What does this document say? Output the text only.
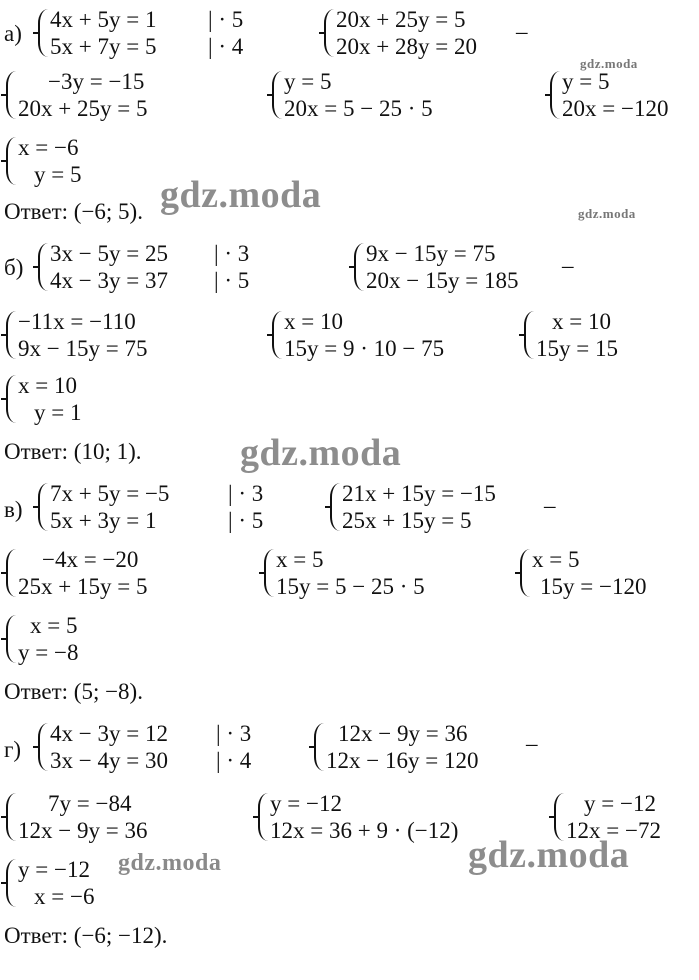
а)
4x + 5y = 1
5x + 7y = 5
| · 5
| · 4
20x + 25y = 5
20x + 28y = 20
–
−3y = −15
20x + 25y = 5
y = 5
20x = 5 − 25 · 5
y = 5
20x = −120
x = −6
y = 5
Ответ: (−6; 5).
б)
3x − 5y = 25
4x − 3y = 37
| · 3
| · 5
9x − 15y = 75
20x − 15y = 185
–
−11x = −110
9x − 15y = 75
x = 10
15y = 9 · 10 − 75
x = 10
15y = 15
x = 10
y = 1
Ответ: (10; 1).
в)
7x + 5y = −5
5x + 3y = 1
| · 3
| · 5
21x + 15y = −15
25x + 15y = 5
–
−4x = −20
25x + 15y = 5
x = 5
15y = 5 − 25 · 5
x = 5
15y = −120
x = 5
y = −8
Ответ: (5; −8).
г)
4x − 3y = 12
3x − 4y = 30
| · 3
| · 4
12x − 9y = 36
12x − 16y = 120
–
7y = −84
12x − 9y = 36
y = −12
12x = 36 + 9 · (−12)
y = −12
12x = −72
y = −12
x = −6
Ответ: (−6; −12).
gdz.moda
gdz.moda	gdz.moda
gdz.moda
gdz.moda	gdz.moda
